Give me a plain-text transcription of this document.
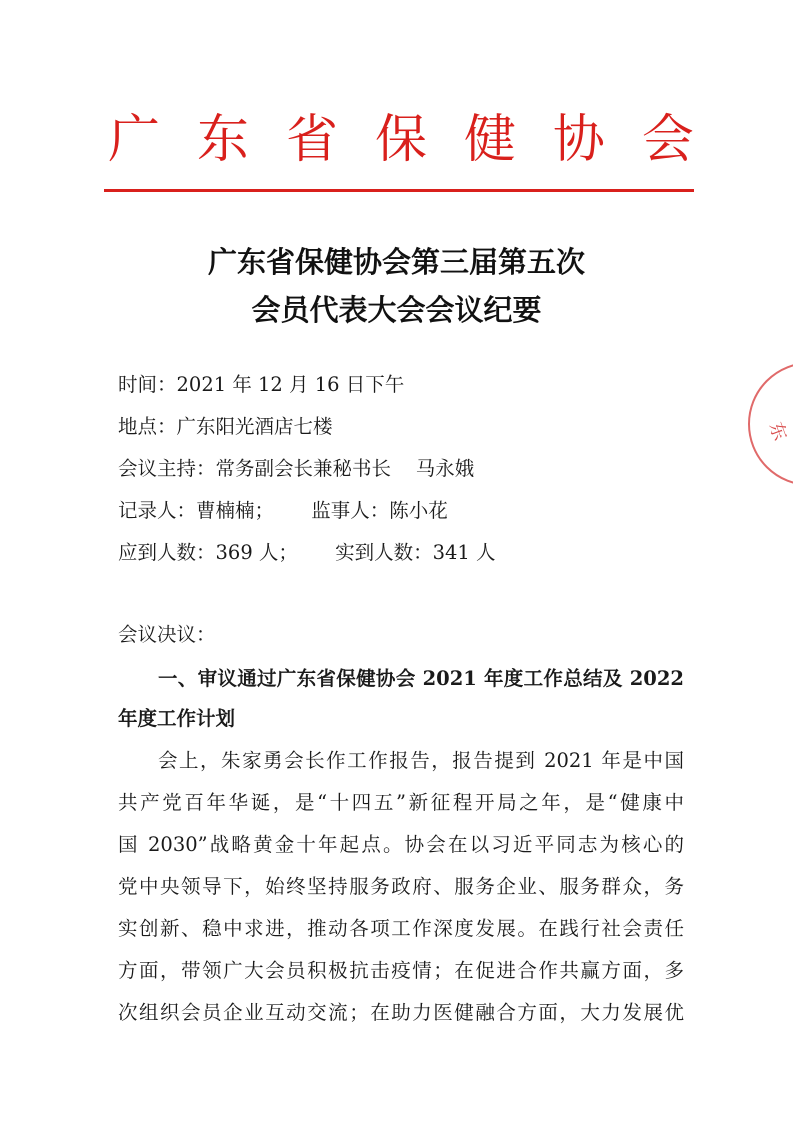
广 东 省 保 健 协 会
广东省保健协会第三届第五次
会员代表大会会议纪要
时间：2021 年 12 月 16 日下午
地点：广东阳光酒店七楼
会议主持：常务副会长兼秘书长    马永娥
记录人：曹楠楠；      监事人：陈小花
应到人数：369 人；      实到人数：341 人
会议决议：
一、审议通过广东省保健协会 2021 年度工作总结及 2022
年度工作计划
会上，朱家勇会长作工作报告，报告提到 2021 年是中国
共产党百年华诞，是“十四五”新征程开局之年，是“健康中
国 2030”战略黄金十年起点。协会在以习近平同志为核心的
党中央领导下，始终坚持服务政府、服务企业、服务群众，务
实创新、稳中求进，推动各项工作深度发展。在践行社会责任
方面，带领广大会员积极抗击疫情；在促进合作共赢方面，多
次组织会员企业互动交流；在助力医健融合方面，大力发展优
东
